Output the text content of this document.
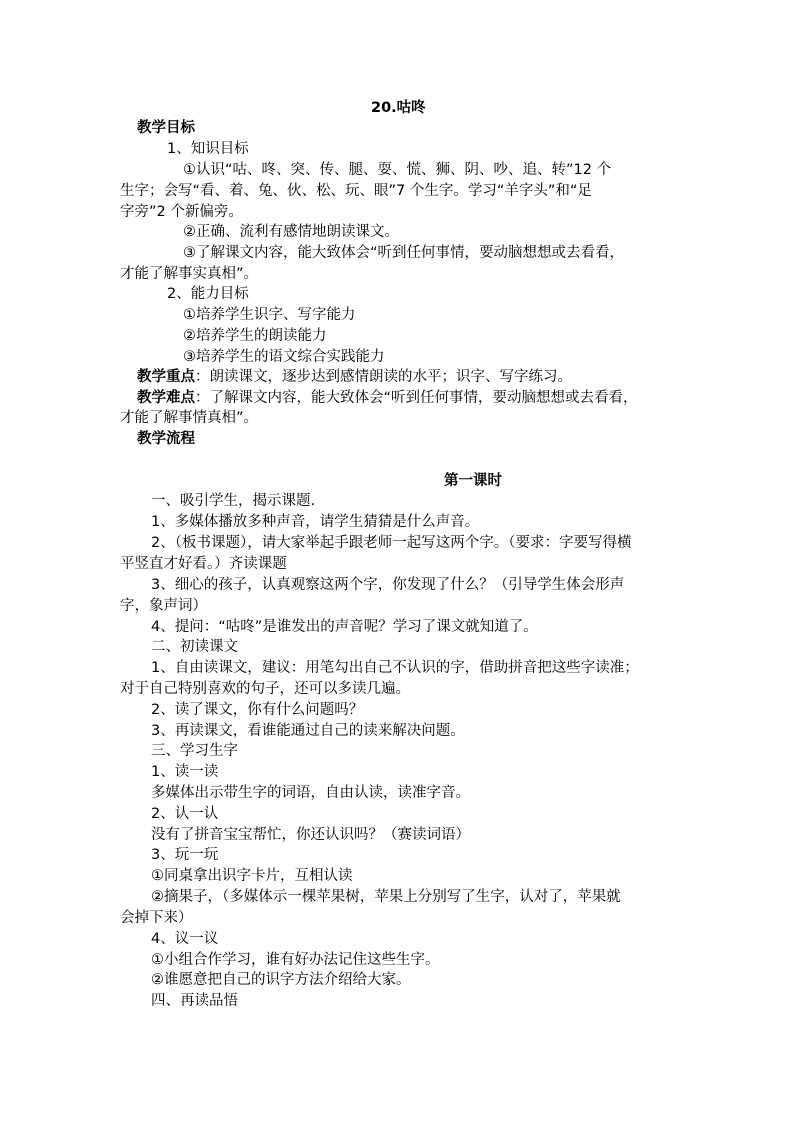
20.咕咚
教学目标
1、知识目标
①认识“咕、咚、突、传、腿、耍、慌、狮、阴、吵、追、转”12 个
生字；会写“看、着、兔、伙、松、玩、眼”7 个生字。学习“羊字头”和“足
字旁”2 个新偏旁。
②正确、流利有感情地朗读课文。
③了解课文内容，能大致体会“听到任何事情，要动脑想想或去看看，
才能了解事实真相”。
2、能力目标
①培养学生识字、写字能力
②培养学生的朗读能力
③培养学生的语文综合实践能力
教学重点：朗读课文，逐步达到感情朗读的水平；识字、写字练习。
教学难点：了解课文内容，能大致体会“听到任何事情，要动脑想想或去看看，
才能了解事情真相”。
教学流程
第一课时
一、吸引学生，揭示课题.
1、多媒体播放多种声音，请学生猜猜是什么声音。
2、（板书课题），请大家举起手跟老师一起写这两个字。（要求：字要写得横
平竖直才好看。）齐读课题
3、细心的孩子，认真观察这两个字，你发现了什么？（引导学生体会形声
字，象声词）
4、提问：“咕咚”是谁发出的声音呢？学习了课文就知道了。
二、初读课文
1、自由读课文，建议：用笔勾出自己不认识的字，借助拼音把这些字读准；
对于自己特别喜欢的句子，还可以多读几遍。
2、读了课文，你有什么问题吗？
3、再读课文，看谁能通过自己的读来解决问题。
三、学习生字
1、读一读
多媒体出示带生字的词语，自由认读，读准字音。
2、认一认
没有了拼音宝宝帮忙，你还认识吗？（赛读词语）
3、玩一玩
①同桌拿出识字卡片，互相认读
②摘果子，（多媒体示一棵苹果树，苹果上分别写了生字，认对了，苹果就
会掉下来）
4、议一议
①小组合作学习，谁有好办法记住这些生字。
②谁愿意把自己的识字方法介绍给大家。
四、再读品悟
